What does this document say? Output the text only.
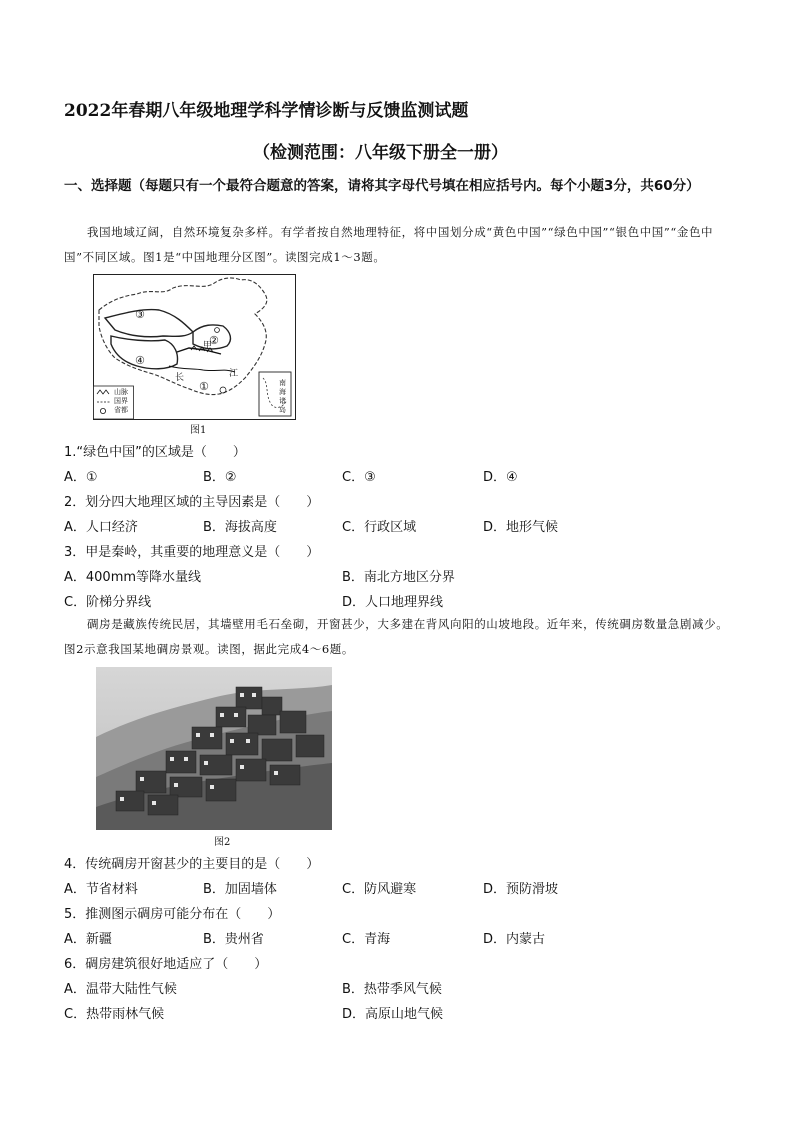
2022年春期八年级地理学科学情诊断与反馈监测试题
（检测范围：八年级下册全一册）
一、选择题（每题只有一个最符合题意的答案，请将其字母代号填在相应括号内。每个小题3分，共60分）
我国地域辽阔，自然环境复杂多样。有学者按自然地理特征，将中国划分成“黄色中国”“绿色中国”“银色中国”“金色中国”不同区域。图1是“中国地理分区图”。读图完成1～3题。
③
④
②
①
甲
长	江
南
海
诸
岛
山脉
国界
省都
图1
1.“绿色中国”的区域是（　　）
A．①	B．②	C．③	D．④
2．划分四大地理区域的主导因素是（　　）
A．人口经济	B．海拔高度	C．行政区域	D．地形气候
3．甲是秦岭，其重要的地理意义是（　　）
A．400mm等降水量线	B．南北方地区分界
C．阶梯分界线	D．人口地理界线
碉房是藏族传统民居，其墙壁用毛石垒砌，开窗甚少，大多建在背风向阳的山坡地段。近年来，传统碉房数量急剧减少。图2示意我国某地碉房景观。读图，据此完成4～6题。
图2
4．传统碉房开窗甚少的主要目的是（　　）
A．节省材料	B．加固墙体	C．防风避寒	D．预防滑坡
5．推测图示碉房可能分布在（　　）
A．新疆	B．贵州省	C．青海	D．内蒙古
6．碉房建筑很好地适应了（　　）
A．温带大陆性气候	B．热带季风气候
C．热带雨林气候	D．高原山地气候
